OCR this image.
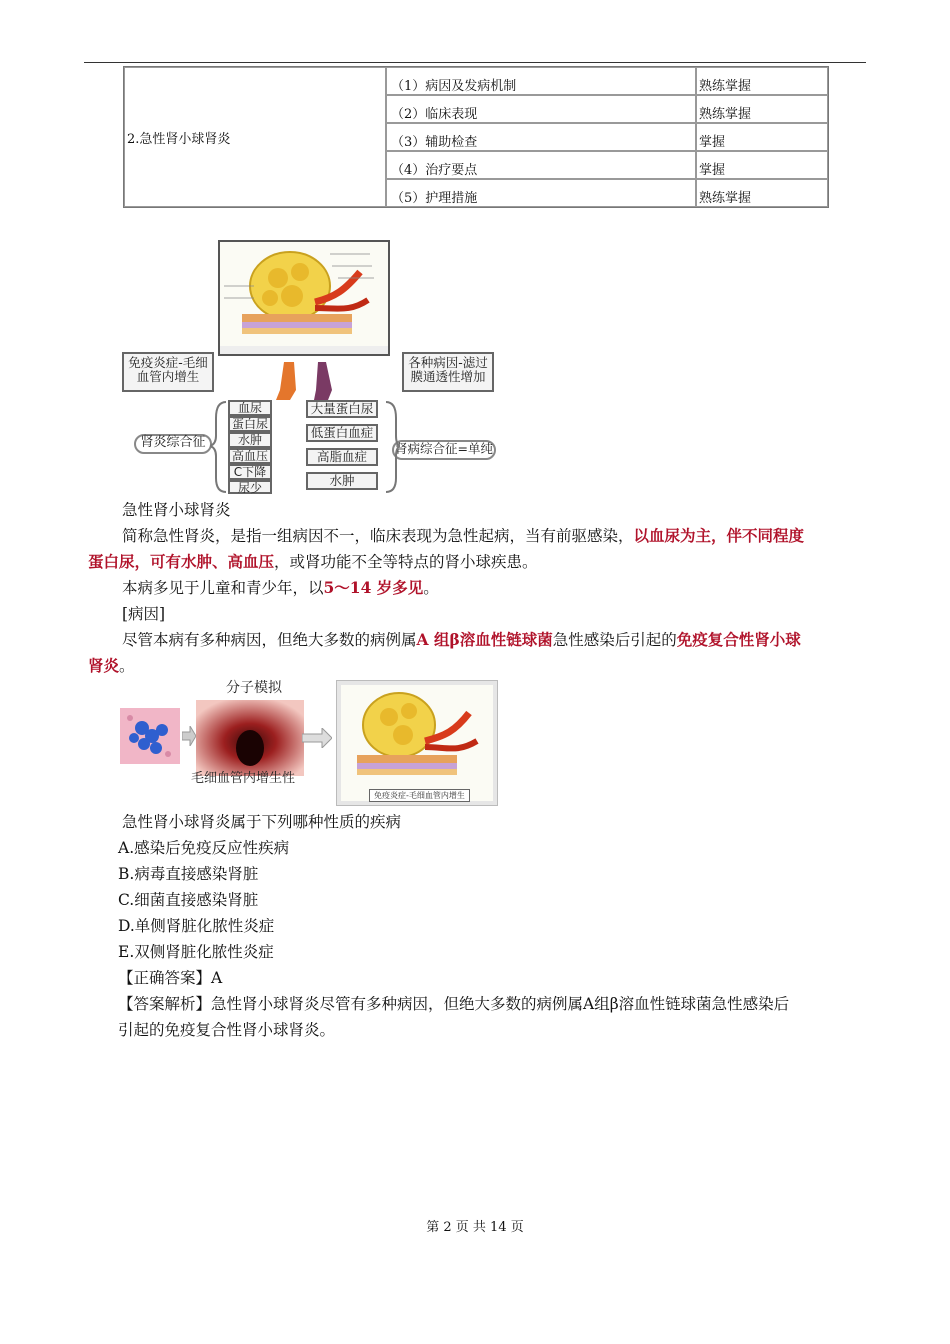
2.急性肾小球肾炎	（1）病因及发病机制	熟练掌握
	（2）临床表现	熟练掌握
	（3）辅助检查	掌握
	（4）治疗要点	掌握
	（5）护理措施	熟练掌握
免疫炎症-毛细血管内增生
各种病因-滤过膜通透性增加
肾炎综合征	肾病综合征=单纯
血尿
蛋白尿
水肿
高血压
C下降
尿少
大量蛋白尿
低蛋白血症
高脂血症
水肿
急性肾小球肾炎
简称急性肾炎，是指一组病因不一，临床表现为急性起病，当有前驱感染，以血尿为主，伴不同程度
蛋白尿，可有水肿、高血压，或肾功能不全等特点的肾小球疾患。
本病多见于儿童和青少年，以5～14 岁多见。
[病因]
尽管本病有多种病因，但绝大多数的病例属A 组β溶血性链球菌急性感染后引起的免疫复合性肾小球
肾炎。
分子模拟
毛细血管内增生性
免疫炎症-毛细血管内增生
急性肾小球肾炎属于下列哪种性质的疾病
A.感染后免疫反应性疾病
B.病毒直接感染肾脏
C.细菌直接感染肾脏
D.单侧肾脏化脓性炎症
E.双侧肾脏化脓性炎症
【正确答案】A
【答案解析】急性肾小球肾炎尽管有多种病因，但绝大多数的病例属A组β溶血性链球菌急性感染后
引起的免疫复合性肾小球肾炎。
第 2 页 共 14 页
